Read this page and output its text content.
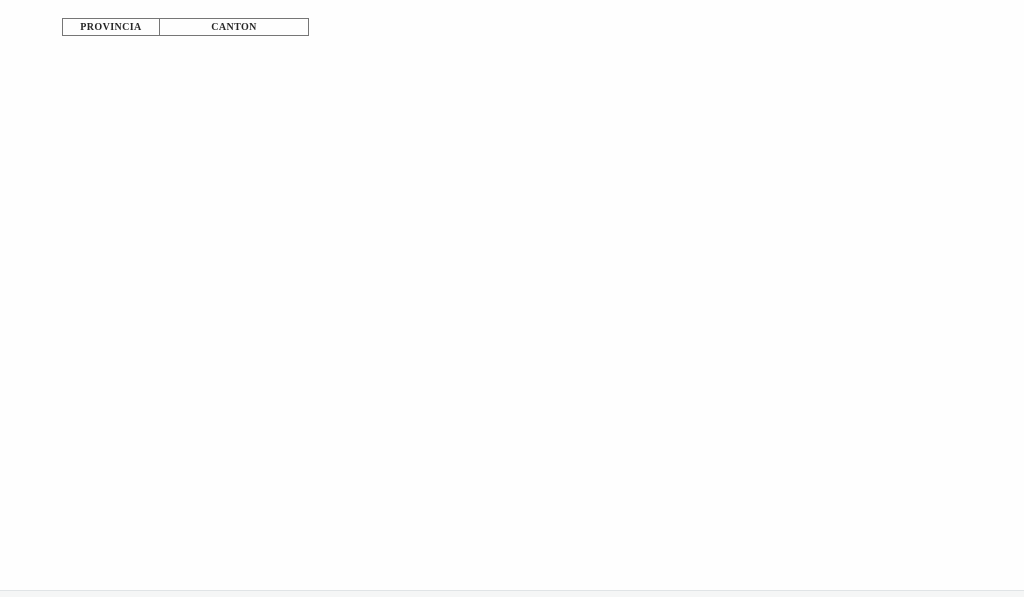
PROVINCIA	CANTON
